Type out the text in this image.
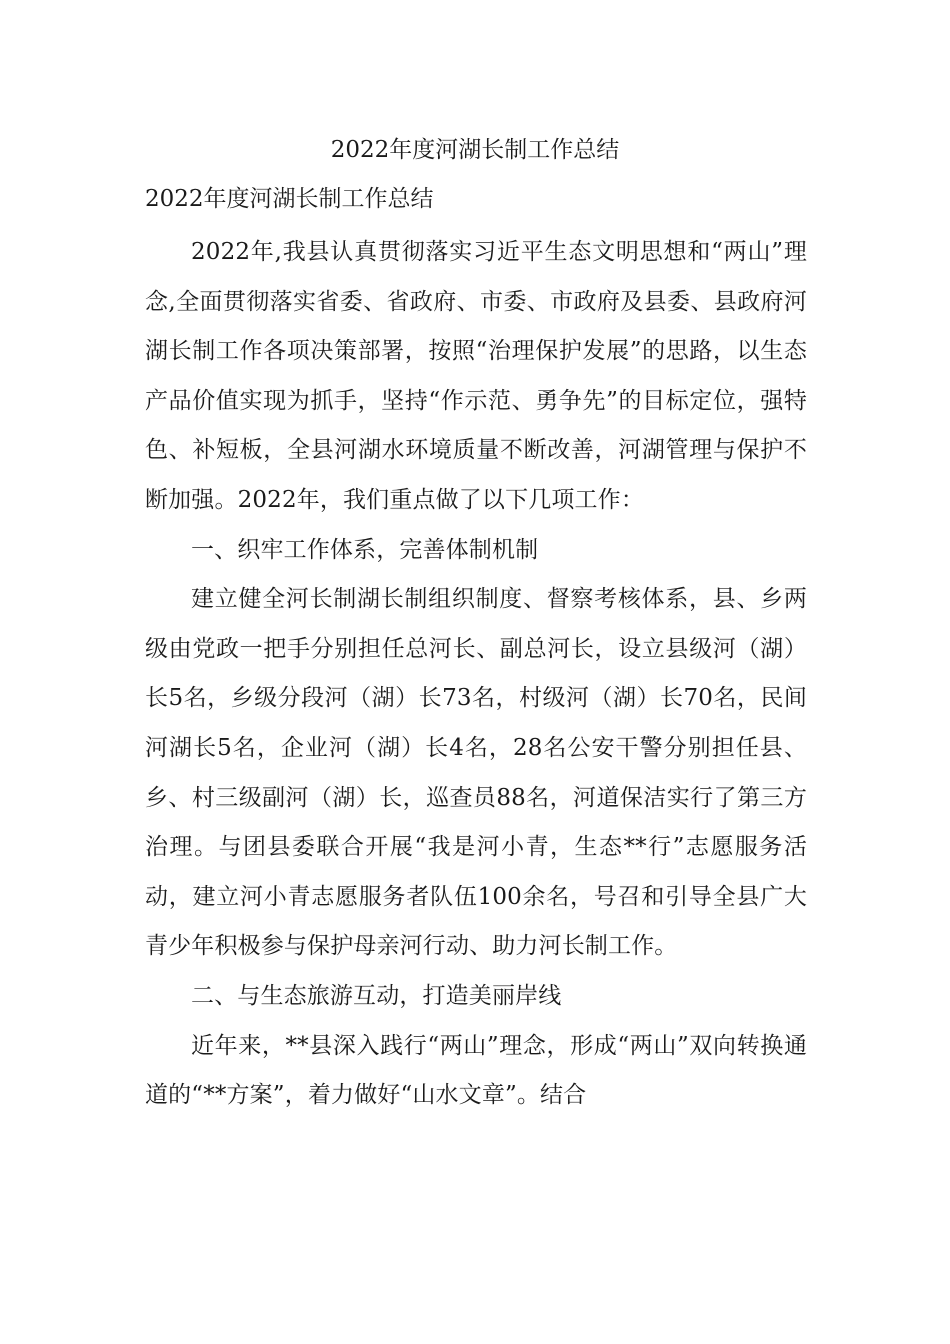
2022年度河湖长制工作总结
2022年度河湖长制工作总结

2022年,我县认真贯彻落实习近平生态文明思想和“两山”理念,全面贯彻落实省委、省政府、市委、市政府及县委、县政府河湖长制工作各项决策部署，按照“治理保护发展”的思路，以生态产品价值实现为抓手，坚持“作示范、勇争先”的目标定位，强特色、补短板，全县河湖水环境质量不断改善，河湖管理与保护不断加强。2022年，我们重点做了以下几项工作：

一、织牢工作体系，完善体制机制

建立健全河长制湖长制组织制度、督察考核体系，县、乡两级由党政一把手分别担任总河长、副总河长，设立县级河（湖）长5名，乡级分段河（湖）长73名，村级河（湖）长70名，民间河湖长5名，企业河（湖）长4名，28名公安干警分别担任县、乡、村三级副河（湖）长，巡查员88名，河道保洁实行了第三方治理。与团县委联合开展“我是河小青，生态**行”志愿服务活动，建立河小青志愿服务者队伍100余名，号召和引导全县广大青少年积极参与保护母亲河行动、助力河长制工作。

二、与生态旅游互动，打造美丽岸线

近年来，**县深入践行“两山”理念，形成“两山”双向转换通道的“**方案”，着力做好“山水文章”。结合
